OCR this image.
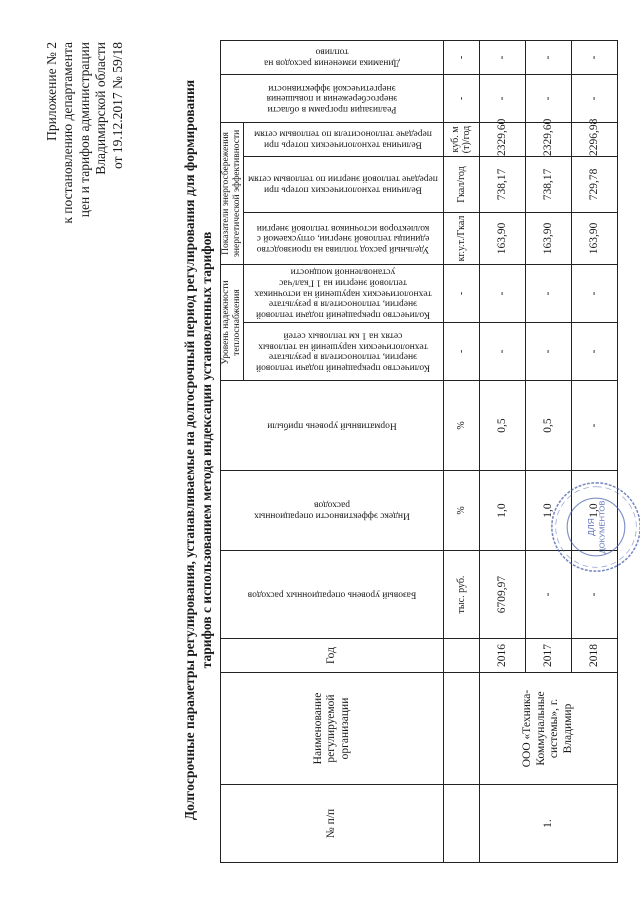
Приложение № 2 к постановлению департамента цен и тарифов администрации Владимирской области от 19.12.2017 № 59/18	Долгосрочные параметры регулирования, устанавливаемые на долгосрочный период регулирования для формирования тарифов с использованием метода индексации установленных тарифов
№ п/п	Наименование регулируемой организации	Год	Базовый уровень операционных расходов	Индекс эффективности операционных расходов	Нормативный уровень прибыли	Уровень надежности теплоснабжения		Показатели энергосбережения энергетической эффективности			Реализация программ в области энергосбережения и повышения энергетической эффективности	Динамика изменения расходов на топливо

						Количество прекращений подачи тепловой энергии, теплоносителя в результате технологических нарушений на тепловых сетях на 1 км тепловых сетей	Количество прекращений подачи тепловой энергии, теплоносителя в результате технологических нарушений на источниках тепловой энергии на 1 Гкал/час установленной мощности	Удельный расход топлива на производство единицы тепловой энергии, отпускаемой с коллекторов источников тепловой энергии	Величина технологических потерь при передаче тепловой энергии по тепловым сетям	Величина технологических потерь при передаче теплоносителя по тепловым сетям		

			тыс. руб.	%	%	-	-	кг.у.т./Гкал	Гкал/год	куб. м (т)/год	-	-
1.	ООО «Техника-Коммунальные системы», г. Владимир	2016	6709,97	1,0	0,5	-	-	163,90	738,17	2329,60	-	-
		2017	-	1,0	0,5	-	-	163,90	738,17	2329,60	-	-
		2018	-	1,0	-	-	-	163,90	729,78	2296,98	-	-
ДЛЯ ДОКУМЕНТОВ
